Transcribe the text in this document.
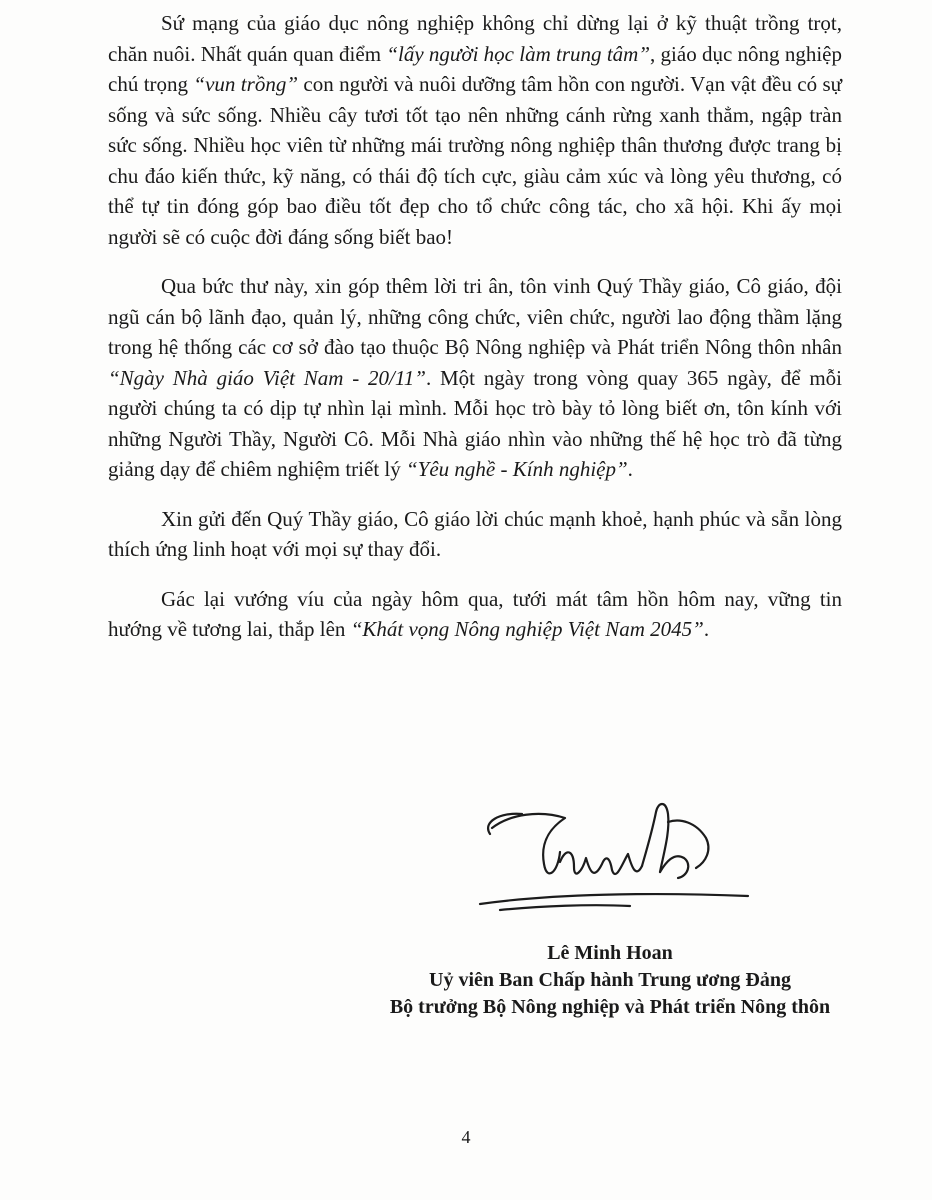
Sứ mạng của giáo dục nông nghiệp không chỉ dừng lại ở kỹ thuật trồng trọt, chăn nuôi. Nhất quán quan điểm “lấy người học làm trung tâm”, giáo dục nông nghiệp chú trọng “vun trồng” con người và nuôi dưỡng tâm hồn con người. Vạn vật đều có sự sống và sức sống. Nhiều cây tươi tốt tạo nên những cánh rừng xanh thẳm, ngập tràn sức sống. Nhiều học viên từ những mái trường nông nghiệp thân thương được trang bị chu đáo kiến thức, kỹ năng, có thái độ tích cực, giàu cảm xúc và lòng yêu thương, có thể tự tin đóng góp bao điều tốt đẹp cho tổ chức công tác, cho xã hội. Khi ấy mọi người sẽ có cuộc đời đáng sống biết bao!

Qua bức thư này, xin góp thêm lời tri ân, tôn vinh Quý Thầy giáo, Cô giáo, đội ngũ cán bộ lãnh đạo, quản lý, những công chức, viên chức, người lao động thầm lặng trong hệ thống các cơ sở đào tạo thuộc Bộ Nông nghiệp và Phát triển Nông thôn nhân “Ngày Nhà giáo Việt Nam - 20/11”. Một ngày trong vòng quay 365 ngày, để mỗi người chúng ta có dịp tự nhìn lại mình. Mỗi học trò bày tỏ lòng biết ơn, tôn kính với những Người Thầy, Người Cô. Mỗi Nhà giáo nhìn vào những thế hệ học trò đã từng giảng dạy để chiêm nghiệm triết lý “Yêu nghề - Kính nghiệp”.

Xin gửi đến Quý Thầy giáo, Cô giáo lời chúc mạnh khoẻ, hạnh phúc và sẵn lòng thích ứng linh hoạt với mọi sự thay đổi.

Gác lại vướng víu của ngày hôm qua, tưới mát tâm hồn hôm nay, vững tin hướng về tương lai, thắp lên “Khát vọng Nông nghiệp Việt Nam 2045”.

Lê Minh Hoan
Uỷ viên Ban Chấp hành Trung ương Đảng
Bộ trưởng Bộ Nông nghiệp và Phát triển Nông thôn
4
